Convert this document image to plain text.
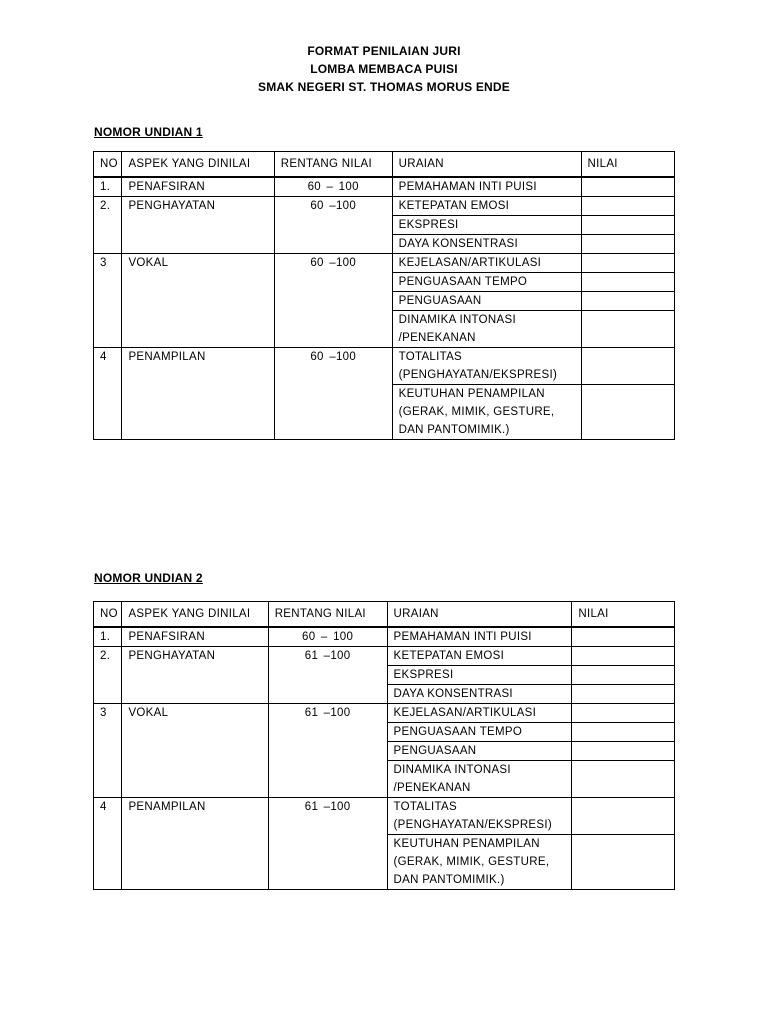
FORMAT PENILAIAN JURI
LOMBA MEMBACA PUISI
SMAK NEGERI ST. THOMAS MORUS ENDE
NOMOR UNDIAN 1
NO	ASPEK YANG DINILAI	RENTANG NILAI	URAIAN	NILAI
1.	PENAFSIRAN	60 – 100	PEMAHAMAN INTI PUISI	
2.	PENGHAYATAN	60 –100	KETEPATAN EMOSI	
			EKSPRESI	
			DAYA KONSENTRASI	
3	VOKAL	60 –100	KEJELASAN/ARTIKULASI	
			PENGUASAAN TEMPO	
			PENGUASAAN	
			DINAMIKA INTONASI /PENEKANAN	
4	PENAMPILAN	60 –100	TOTALITAS (PENGHAYATAN/EKSPRESI)	
			KEUTUHAN PENAMPILAN (GERAK, MIMIK, GESTURE, DAN PANTOMIMIK.)	
NOMOR UNDIAN 2
NO	ASPEK YANG DINILAI	RENTANG NILAI	URAIAN	NILAI
1.	PENAFSIRAN	60 – 100	PEMAHAMAN INTI PUISI	
2.	PENGHAYATAN	61 –100	KETEPATAN EMOSI	
			EKSPRESI	
			DAYA KONSENTRASI	
3	VOKAL	61 –100	KEJELASAN/ARTIKULASI	
			PENGUASAAN TEMPO	
			PENGUASAAN	
			DINAMIKA INTONASI /PENEKANAN	
4	PENAMPILAN	61 –100	TOTALITAS (PENGHAYATAN/EKSPRESI)	
			KEUTUHAN PENAMPILAN (GERAK, MIMIK, GESTURE, DAN PANTOMIMIK.)	
